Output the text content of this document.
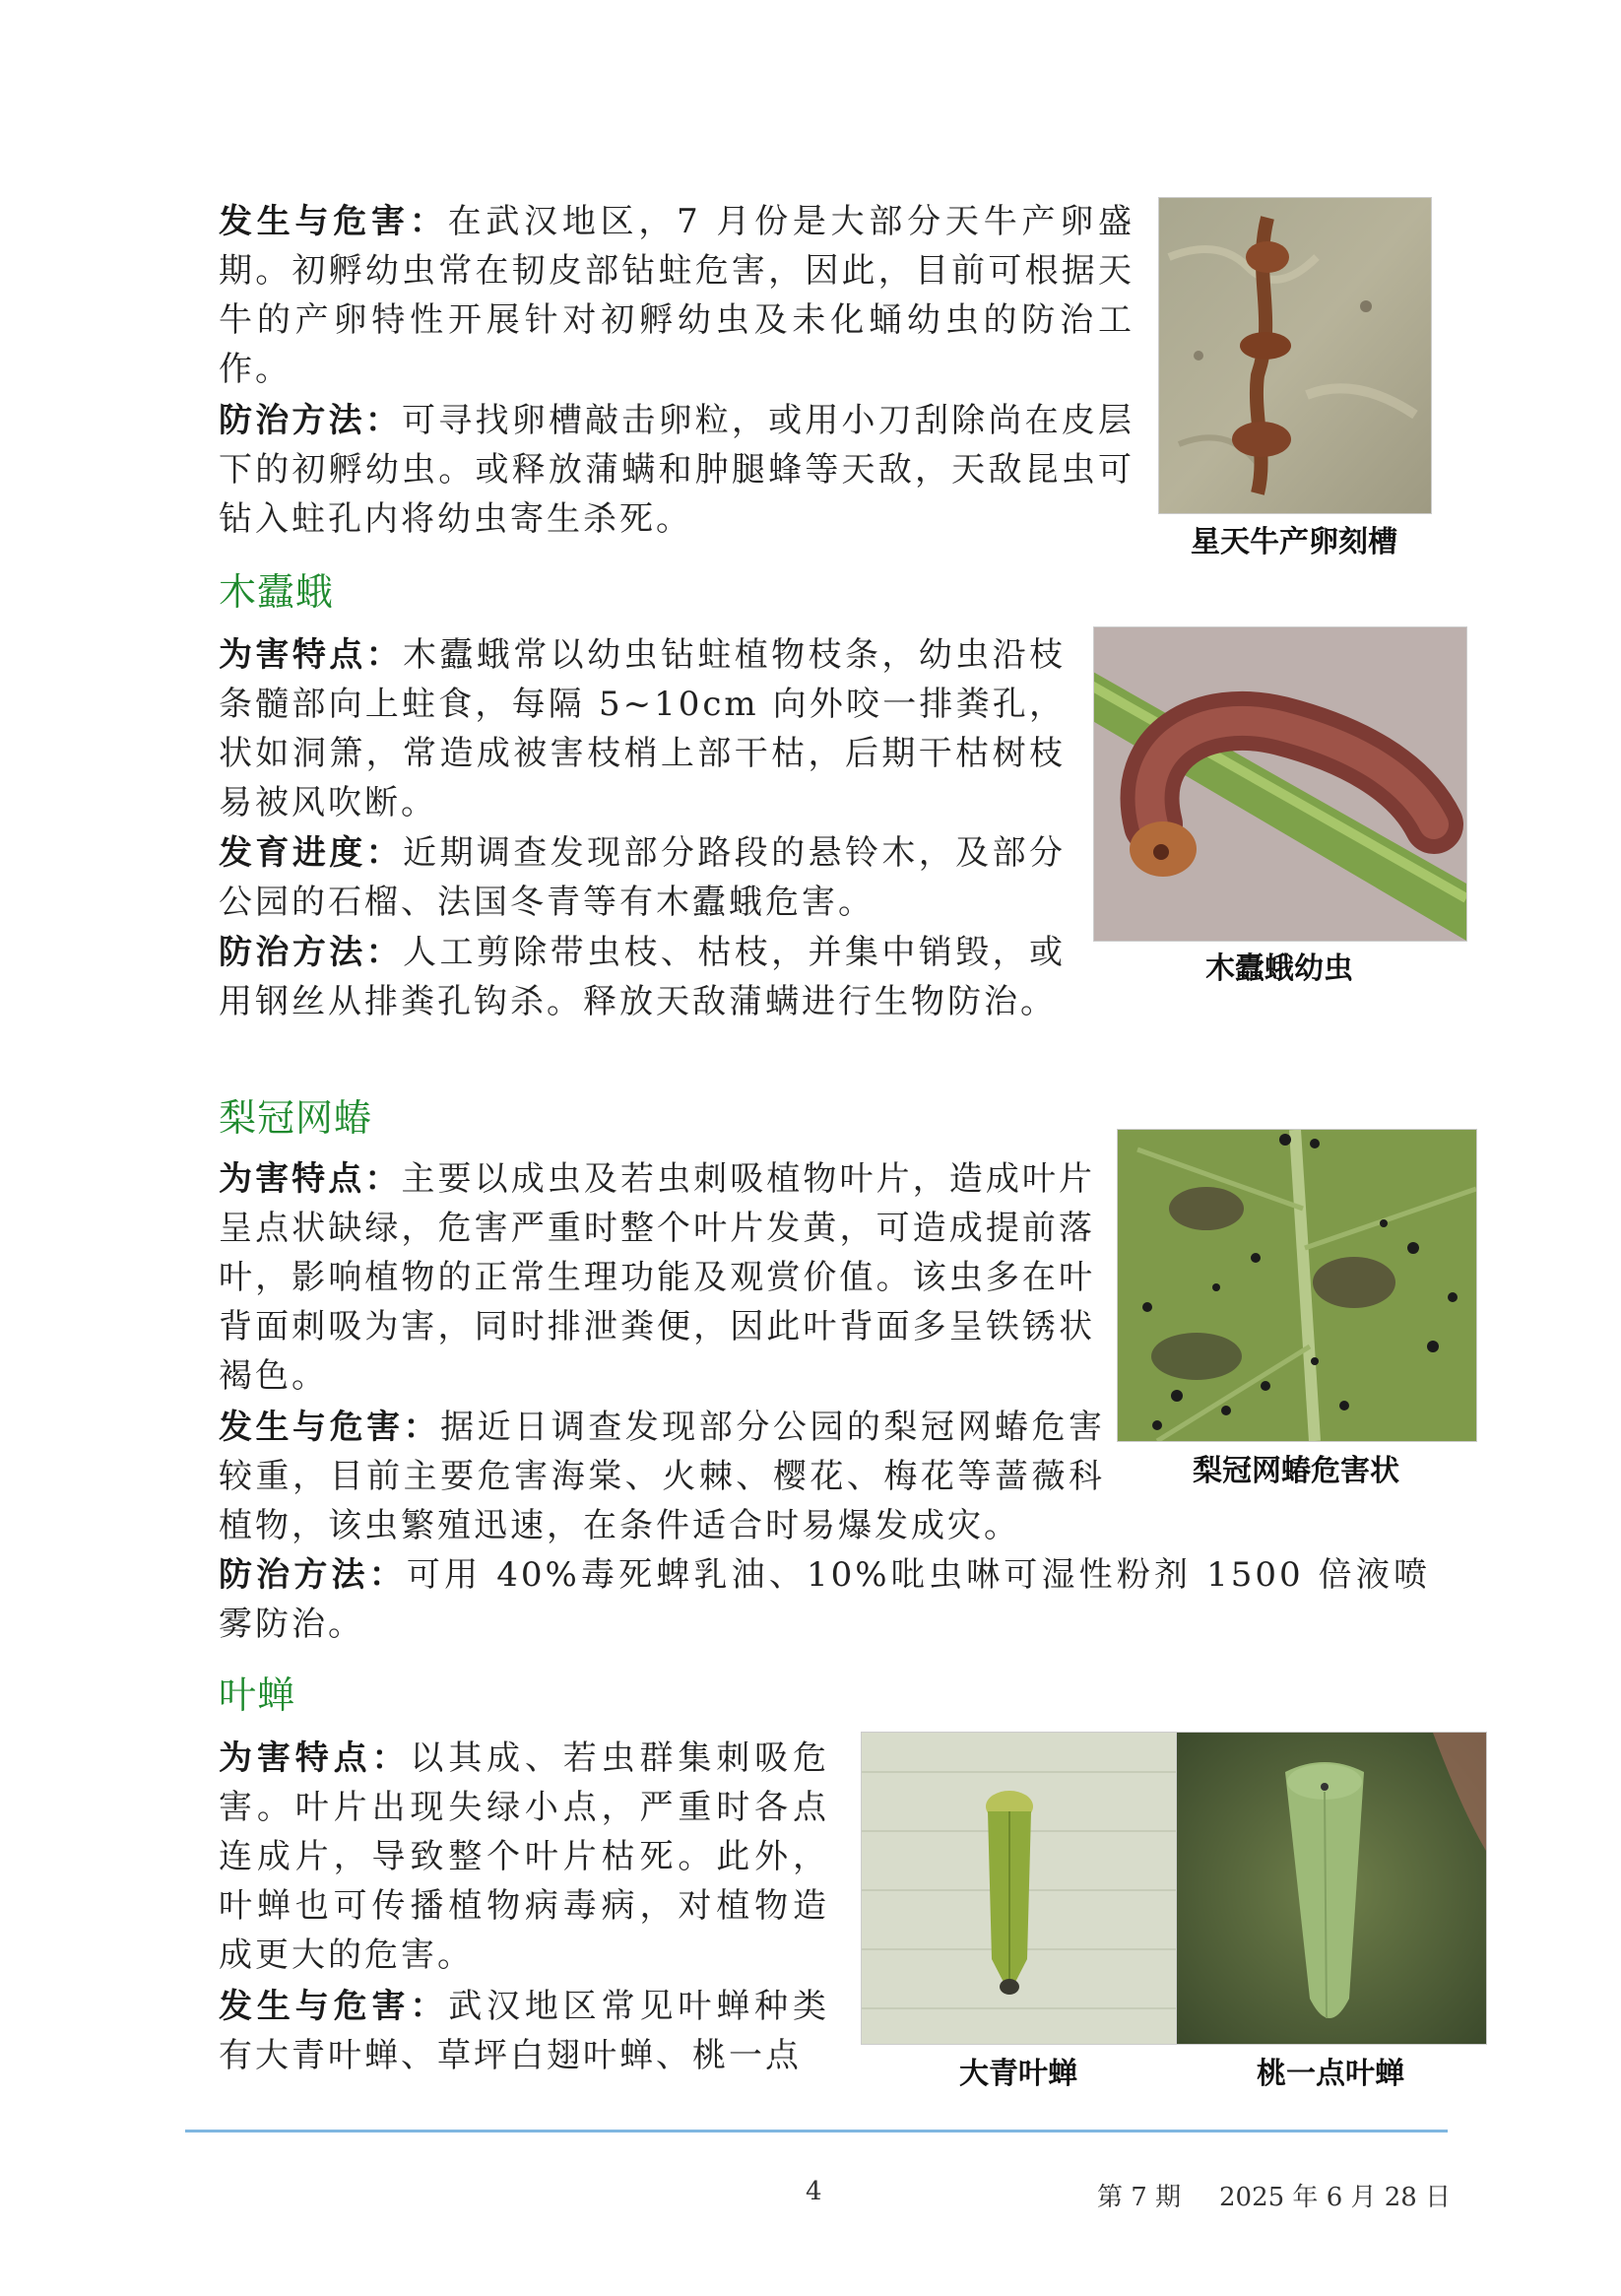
发生与危害：在武汉地区，7 月份是大部分天牛产卵盛期。初孵幼虫常在韧皮部钻蛀危害，因此，目前可根据天牛的产卵特性开展针对初孵幼虫及未化蛹幼虫的防治工作。
防治方法：可寻找卵槽敲击卵粒，或用小刀刮除尚在皮层下的初孵幼虫。或释放蒲螨和肿腿蜂等天敌，天敌昆虫可钻入蛀孔内将幼虫寄生杀死。
星天牛产卵刻槽
木蠹蛾
为害特点：木蠹蛾常以幼虫钻蛀植物枝条，幼虫沿枝条髓部向上蛀食，每隔 5~10cm 向外咬一排粪孔，状如洞箫，常造成被害枝梢上部干枯，后期干枯树枝易被风吹断。
发育进度：近期调查发现部分路段的悬铃木，及部分公园的石榴、法国冬青等有木蠹蛾危害。
防治方法：人工剪除带虫枝、枯枝，并集中销毁，或用钢丝从排粪孔钩杀。释放天敌蒲螨进行生物防治。
木蠹蛾幼虫
梨冠网蝽
为害特点：主要以成虫及若虫刺吸植物叶片，造成叶片呈点状缺绿，危害严重时整个叶片发黄，可造成提前落叶，影响植物的正常生理功能及观赏价值。该虫多在叶背面刺吸为害，同时排泄粪便，因此叶背面多呈铁锈状褐色。
发生与危害：据近日调查发现部分公园的梨冠网蝽危害较重，目前主要危害海棠、火棘、樱花、梅花等蔷薇科植物，该虫繁殖迅速，在条件适合时易爆发成灾。
防治方法：可用 40%毒死蜱乳油、10%吡虫啉可湿性粉剂 1500 倍液喷雾防治。
梨冠网蝽危害状
叶蝉
为害特点：以其成、若虫群集刺吸危害。叶片出现失绿小点，严重时各点连成片，导致整个叶片枯死。此外，叶蝉也可传播植物病毒病，对植物造成更大的危害。
发生与危害：武汉地区常见叶蝉种类有大青叶蝉、草坪白翅叶蝉、桃一点	大青叶蝉	桃一点叶蝉
4	第 7 期 2025 年 6 月 28 日
